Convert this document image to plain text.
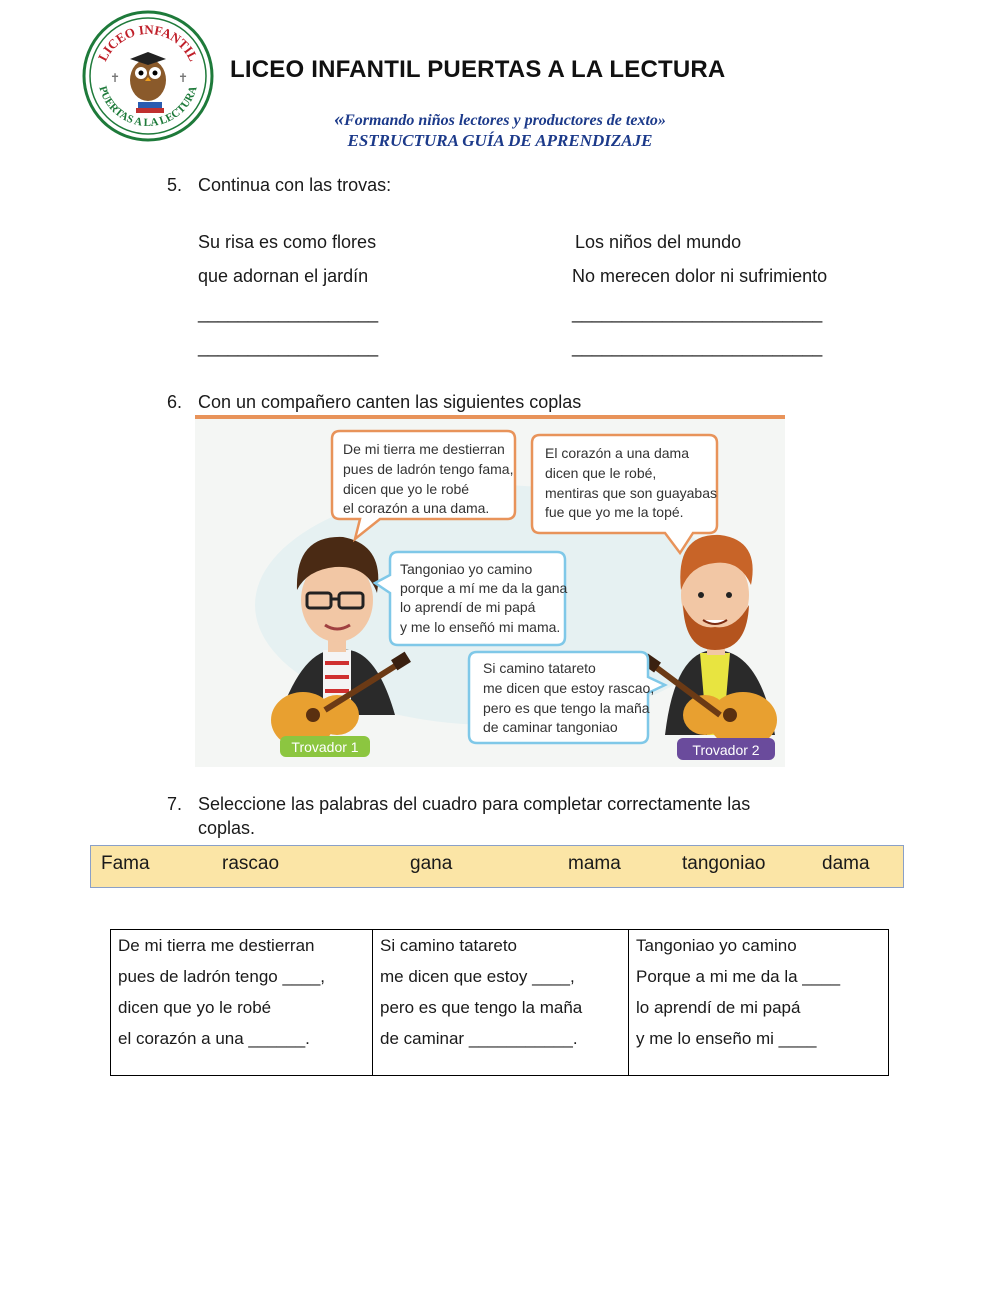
LICEO INFANTIL
PUERTAS A LA LECTURA
✝	✝ LICEO INFANTIL PUERTAS A LA LECTURA
«Formando niños lectores y productores de texto»
ESTRUCTURA GUÍA DE APRENDIZAJE
5. Continua con las trovas:
Su risa es como flores
que adornan el jardín
Los niños del mundo
No merecen dolor ni sufrimiento
__________________
__________________
_________________________
_________________________
6. Con un compañero canten las siguientes coplas
De mi tierra me destierran pues de ladrón tengo fama, dicen que yo le robé el corazón a una dama.
El corazón a una dama dicen que le robé, mentiras que son guayabas fue que yo me la topé.
Tangoniao yo camino porque a mí me da la gana lo aprendí de mi papá y me lo enseñó mi mama.
Si camino tatareto me dicen que estoy rascao, pero es que tengo la maña de caminar tangoniao
Trovador 1	Trovador 2
7. Seleccione las palabras del cuadro para completar correctamente las
coplas.
Fama	rascao	gana	mama	tangoniao	dama
De mi tierra me destierran
pues de ladrón tengo ____,
dicen que yo le robé
el corazón a una ______.

Si camino tatareto
me dicen que estoy ____,
pero es que tengo la maña
de caminar ___________.

Tangoniao yo camino
Porque a mi me da la ____
lo aprendí de mi papá
y me lo enseño mi ____
